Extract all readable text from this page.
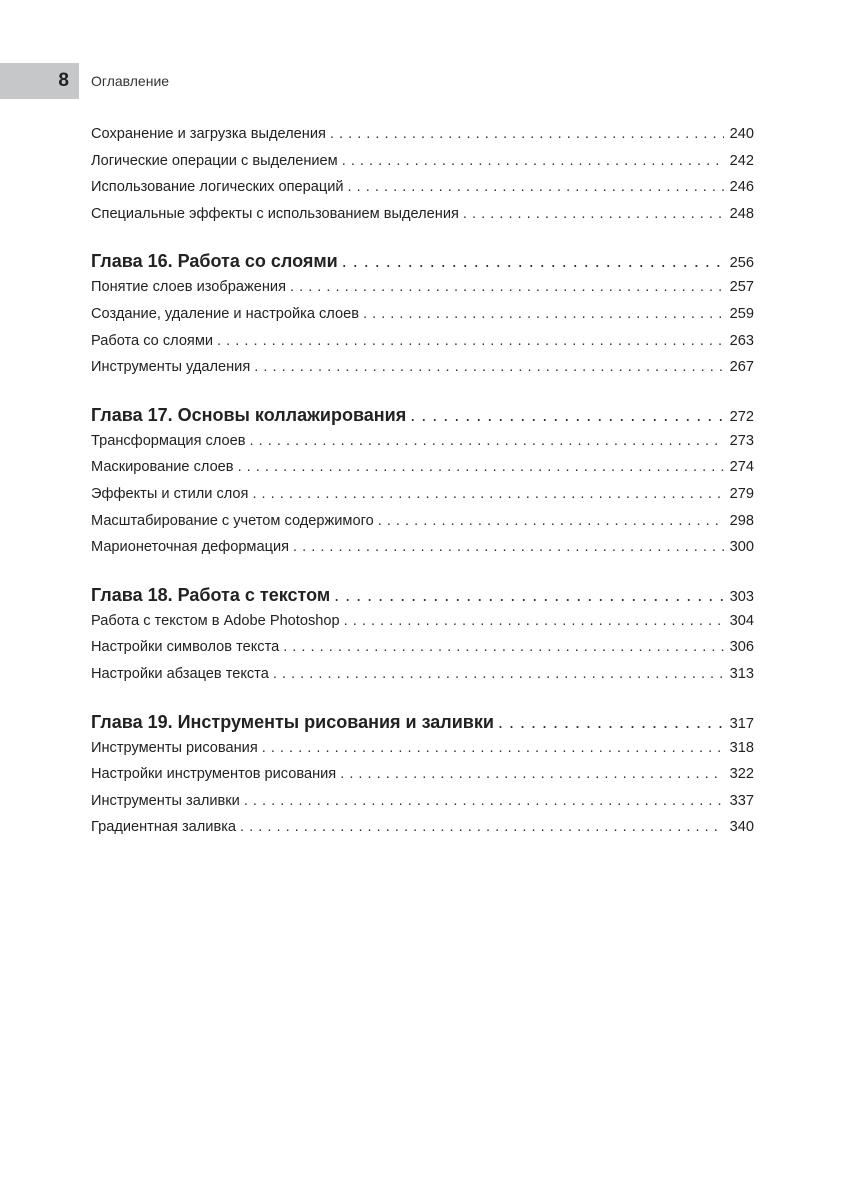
8 Оглавление
Сохранение и загрузка выделения . . .	240
Логические операции с выделением . . .	242
Использование логических операций . . .	246
Специальные эффекты с использованием выделения . . .	248
Глава 16. Работа со слоями . . .	256
Понятие слоев изображения . . .	257
Создание, удаление и настройка слоев . . .	259
Работа со слоями . . .	263
Инструменты удаления . . .	267
Глава 17. Основы коллажирования . . .	272
Трансформация слоев . . .	273
Маскирование слоев . . .	274
Эффекты и стили слоя . . .	279
Масштабирование с учетом содержимого . . .	298
Марионеточная деформация . . .	300
Глава 18. Работа с текстом . . .	303
Работа с текстом в Adobe Photoshop . . .	304
Настройки символов текста . . .	306
Настройки абзацев текста . . .	313
Глава 19. Инструменты рисования и заливки . . .	317
Инструменты рисования . . .	318
Настройки инструментов рисования . . .	322
Инструменты заливки . . .	337
Градиентная заливка . . .	340
